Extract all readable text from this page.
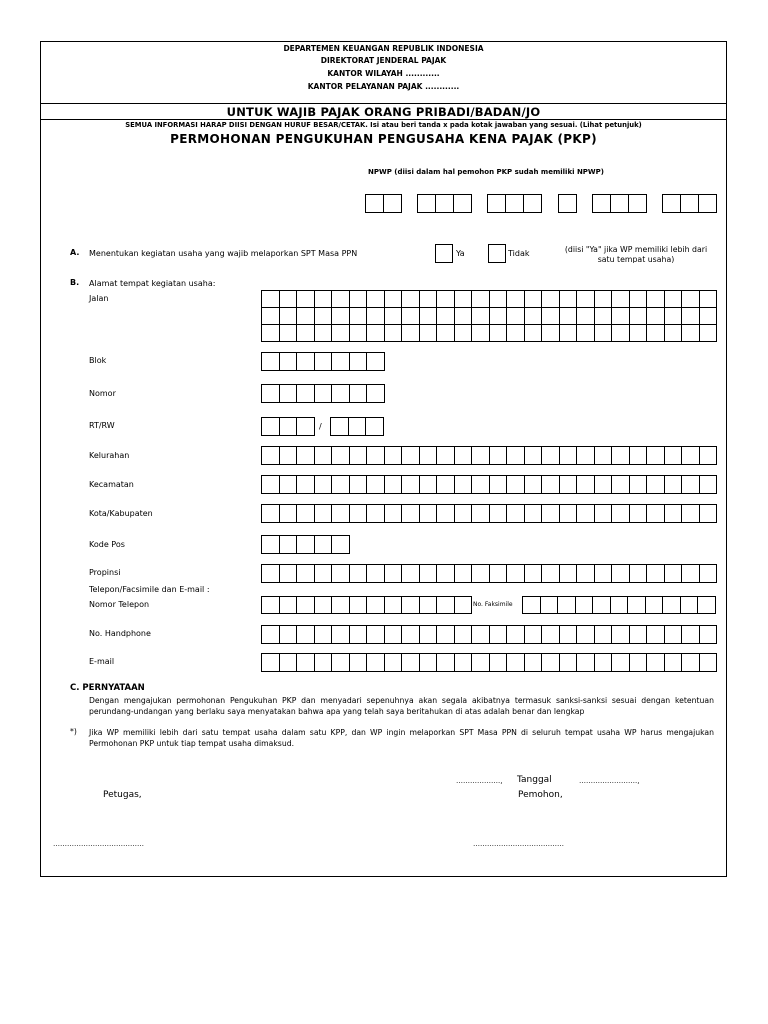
DEPARTEMEN KEUANGAN REPUBLIK INDONESIA
DIREKTORAT JENDERAL PAJAK
KANTOR WILAYAH ............
KANTOR PELAYANAN PAJAK ............
UNTUK WAJIB PAJAK ORANG PRIBADI/BADAN/JO
SEMUA INFORMASI HARAP DIISI DENGAN HURUF BESAR/CETAK. Isi atau beri tanda x pada kotak jawaban yang sesuai. (Lihat petunjuk)
PERMOHONAN PENGUKUHAN PENGUSAHA KENA PAJAK (PKP)
NPWP (diisi dalam hal pemohon PKP sudah memiliki NPWP)
A. Menentukan kegiatan usaha yang wajib melaporkan SPT Masa PPN	Ya	Tidak	(diisi "Ya" jika WP memiliki lebih dari satu tempat usaha)
B. Alamat tempat kegiatan usaha:
Jalan
Blok
Nomor
RT/RW	/
Kelurahan
Kecamatan
Kota/Kabupaten
Kode Pos
Propinsi
Telepon/Facsimile dan E-mail :
Nomor Telepon	No. Faksimile
No. Handphone
E-mail
C. PERNYATAAN
Dengan mengajukan permohonan Pengukuhan PKP dan menyadari sepenuhnya akan segala akibatnya termasuk sanksi-sanksi sesuai dengan ketentuan perundang-undangan yang berlaku saya menyatakan bahwa apa yang telah saya beritahukan di atas adalah benar dan lengkap
*) Jika WP memiliki lebih dari satu tempat usaha dalam satu KPP, dan WP ingin melaporkan SPT Masa PPN di seluruh tempat usaha WP harus mengajukan Permohonan PKP untuk tiap tempat usaha dimaksud.
………………., Tanggal	…………………….,
Petugas,	Pemohon,
…………………………………	…………………………………
